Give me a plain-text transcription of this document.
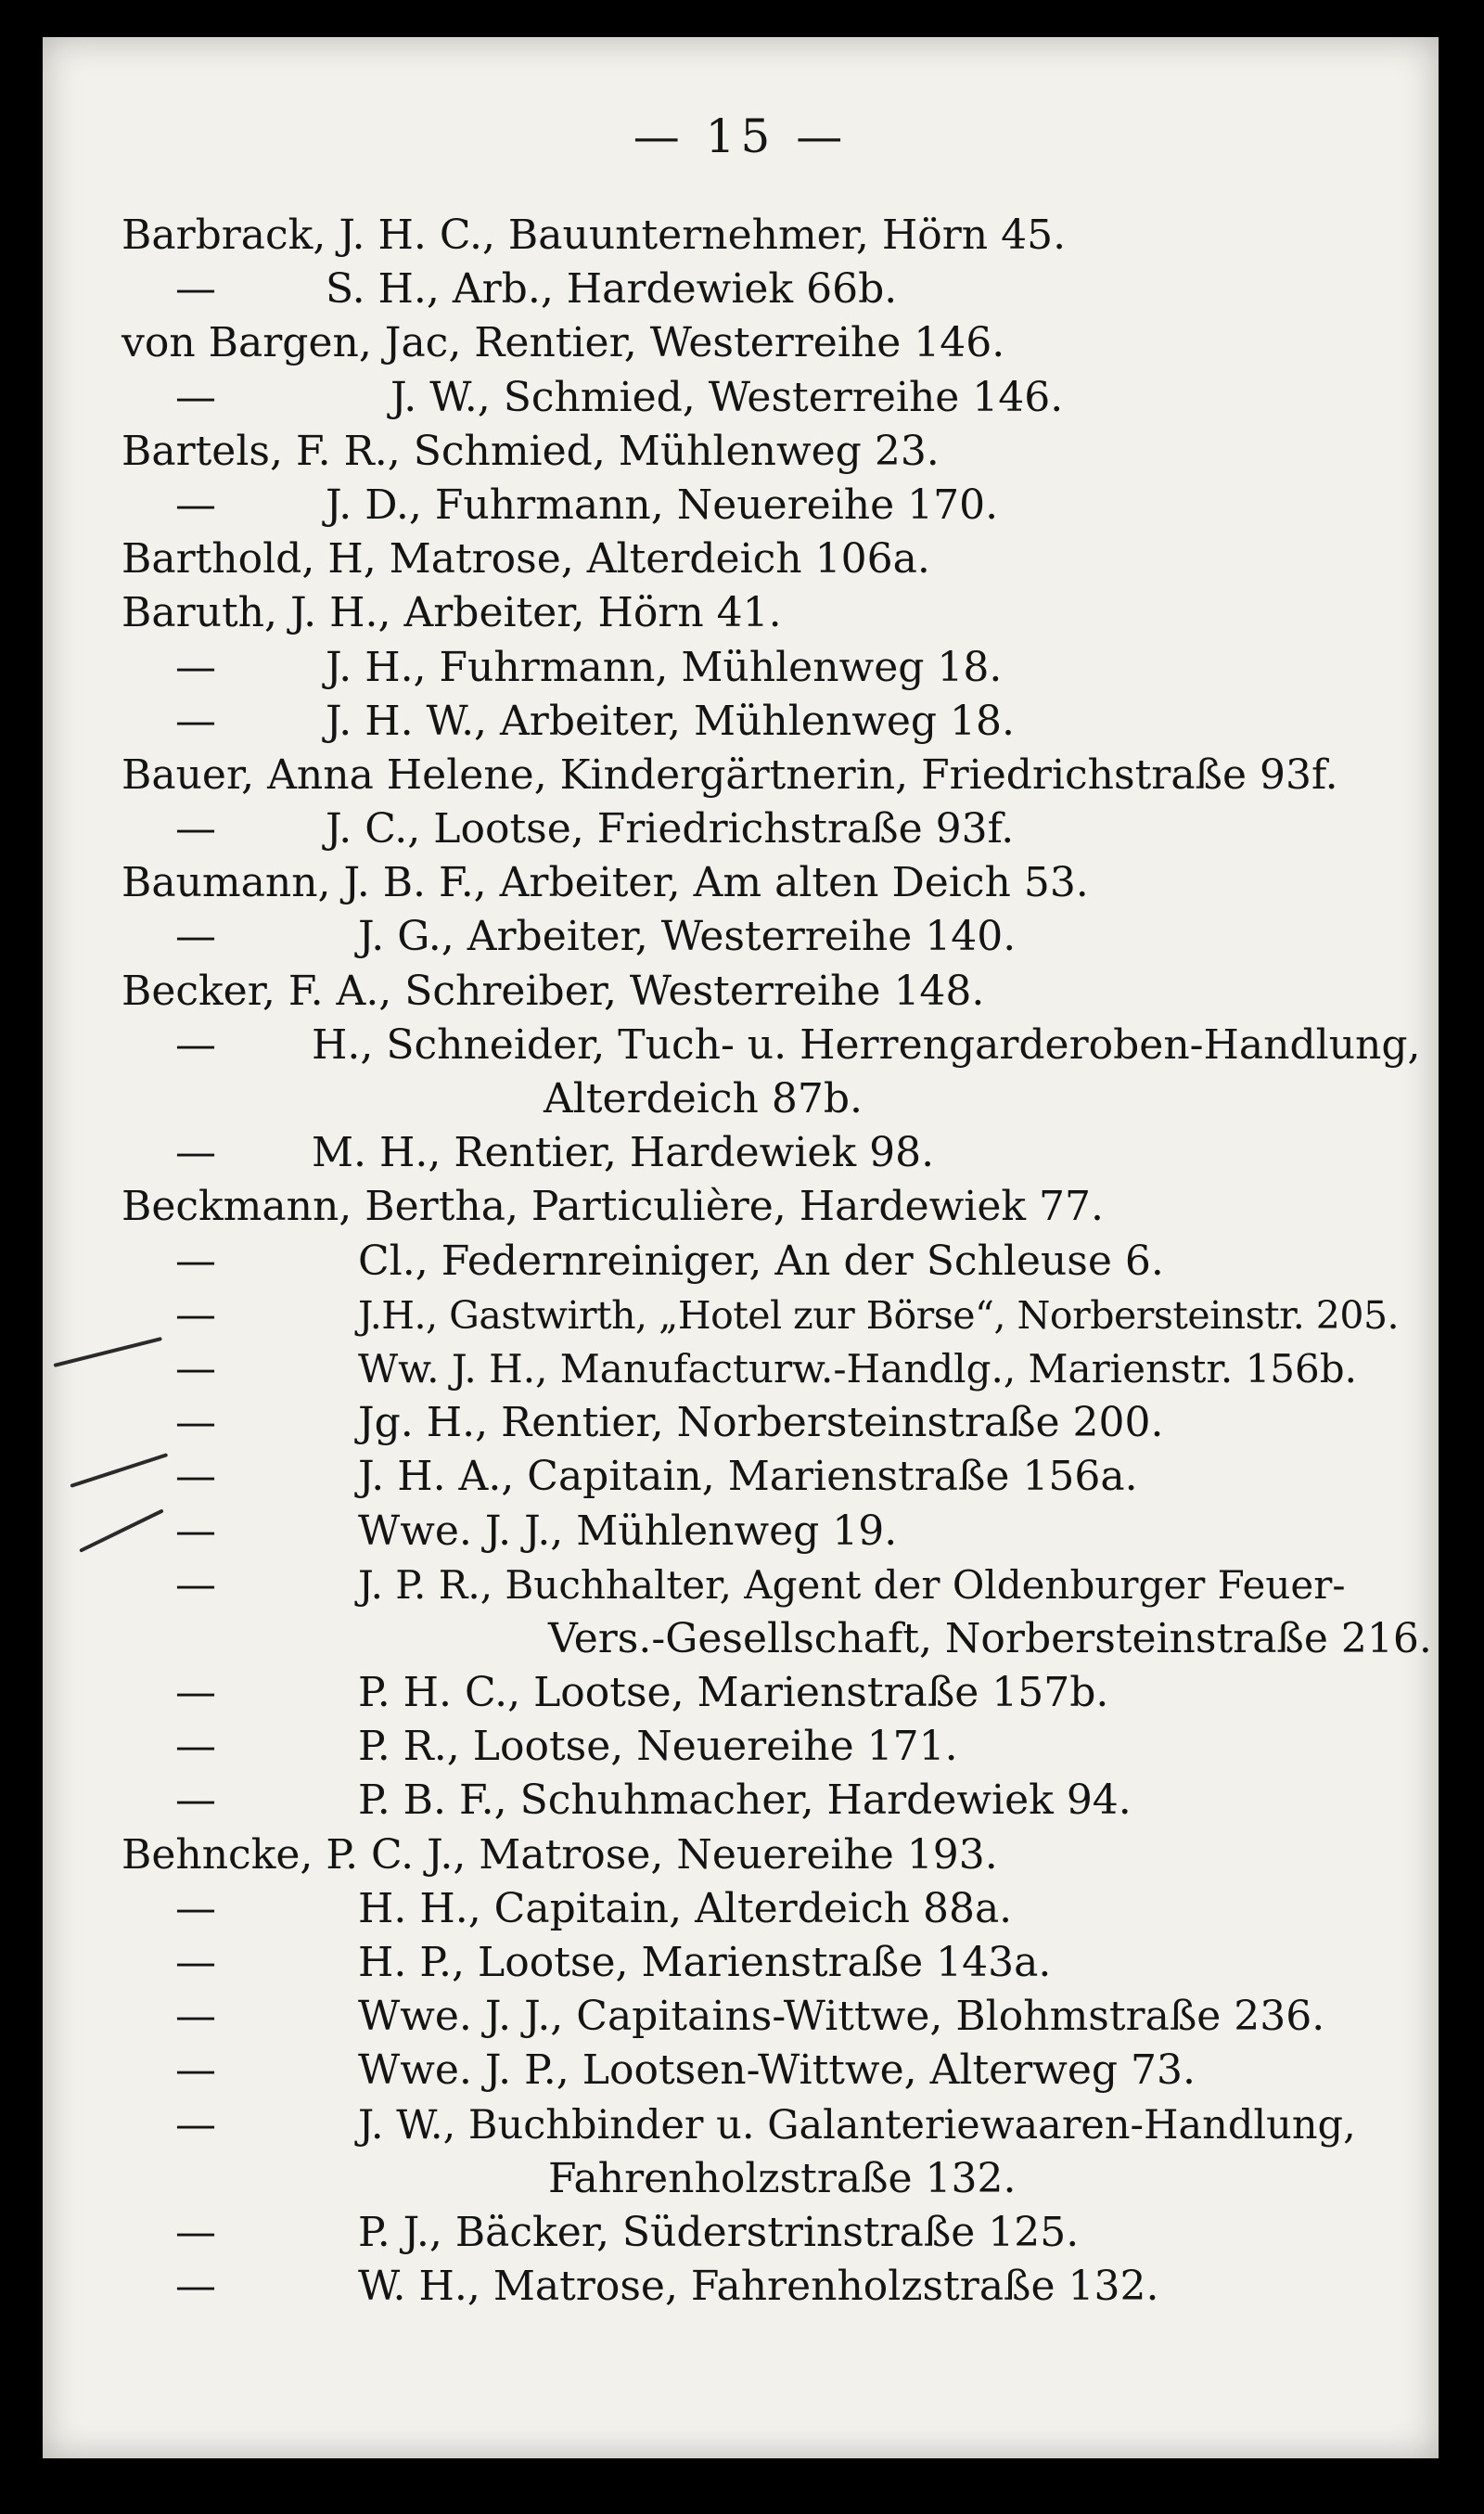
— 15 —
Barbrack, J. H. C., Bauunternehmer, Hörn 45.
—	S. H., Arb., Hardewiek 66b.
von Bargen, Jac, Rentier, Westerreihe 146.
—	J. W., Schmied, Westerreihe 146.
Bartels, F. R., Schmied, Mühlenweg 23.
—	J. D., Fuhrmann, Neuereihe 170.
Barthold, H, Matrose, Alterdeich 106a.
Baruth, J. H., Arbeiter, Hörn 41.
—	J. H., Fuhrmann, Mühlenweg 18.
—	J. H. W., Arbeiter, Mühlenweg 18.
Bauer, Anna Helene, Kindergärtnerin, Friedrichstraße 93f.
—	J. C., Lootse, Friedrichstraße 93f.
Baumann, J. B. F., Arbeiter, Am alten Deich 53.
—	J. G., Arbeiter, Westerreihe 140.
Becker, F. A., Schreiber, Westerreihe 148.
— H., Schneider, Tuch- u. Herrengarderoben-Handlung,
Alterdeich 87b.
— M. H., Rentier, Hardewiek 98.
Beckmann, Bertha, Particulière, Hardewiek 77.
—	Cl., Federnreiniger, An der Schleuse 6.
—	J.H., Gastwirth, „Hotel zur Börse“, Norbersteinstr. 205.
—	Ww. J. H., Manufacturw.-Handlg., Marienstr. 156b.
—	Jg. H., Rentier, Norbersteinstraße 200.
—	J. H. A., Capitain, Marienstraße 156a.
—	Wwe. J. J., Mühlenweg 19.
—	J. P. R., Buchhalter, Agent der Oldenburger Feuer-
Vers.-Gesellschaft, Norbersteinstraße 216.
—	P. H. C., Lootse, Marienstraße 157b.
—	P. R., Lootse, Neuereihe 171.
—	P. B. F., Schuhmacher, Hardewiek 94.
Behncke, P. C. J., Matrose, Neuereihe 193.
—	H. H., Capitain, Alterdeich 88a.
—	H. P., Lootse, Marienstraße 143a.
—	Wwe. J. J., Capitains-Wittwe, Blohmstraße 236.
—	Wwe. J. P., Lootsen-Wittwe, Alterweg 73.
—	J. W., Buchbinder u. Galanteriewaaren-Handlung,
Fahrenholzstraße 132.
—	P. J., Bäcker, Süderstrinstraße 125.
—	W. H., Matrose, Fahrenholzstraße 132.
